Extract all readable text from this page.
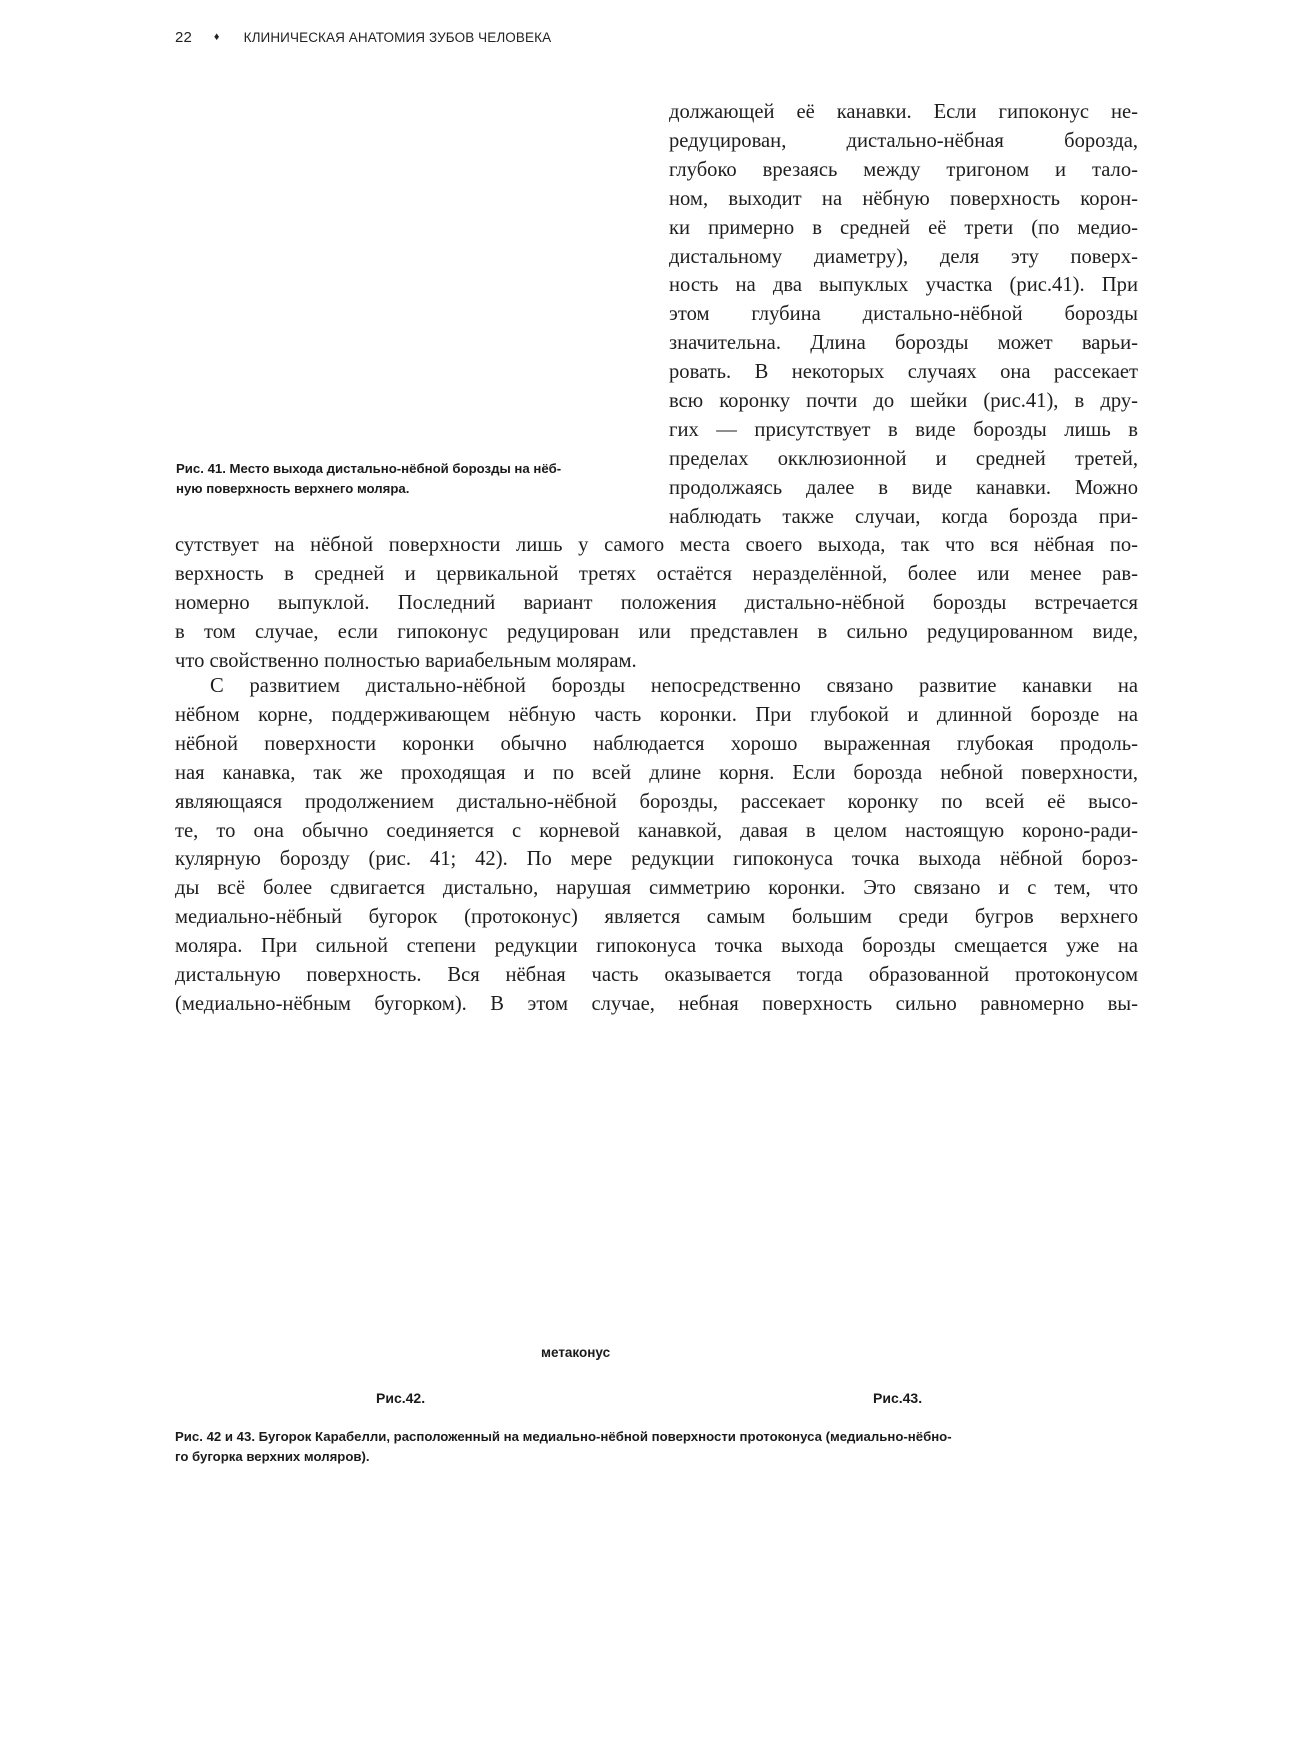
22 ♦ КЛИНИЧЕСКАЯ АНАТОМИЯ ЗУБОВ ЧЕЛОВЕКА
должающей её канавки. Если гипоконус не-
редуцирован, дистально-нёбная борозда,
глубоко врезаясь между тригоном и тало-
ном, выходит на нёбную поверхность корон-
ки примерно в средней её трети (по медио-
дистальному диаметру), деля эту поверх-
ность на два выпуклых участка (рис.41). При
этом глубина дистально-нёбной борозды
значительна. Длина борозды может варьи-
ровать. В некоторых случаях она рассекает
всю коронку почти до шейки (рис.41), в дру-
гих — присутствует в виде борозды лишь в
пределах окклюзионной и средней третей,
продолжаясь далее в виде канавки. Можно
наблюдать также случаи, когда борозда при-
Рис. 41. Место выхода дистально-нёбной борозды на нёб-
ную поверхность верхнего моляра.
сутствует на нёбной поверхности лишь у самого места своего выхода, так что вся нёбная по-
верхность в средней и цервикальной третях остаётся неразделённой, более или менее рав-
номерно выпуклой. Последний вариант положения дистально-нёбной борозды встречается
в том случае, если гипоконус редуцирован или представлен в сильно редуцированном виде,
что свойственно полностью вариабельным молярам.
С развитием дистально-нёбной борозды непосредственно связано развитие канавки на
нёбном корне, поддерживающем нёбную часть коронки. При глубокой и длинной борозде на
нёбной поверхности коронки обычно наблюдается хорошо выраженная глубокая продоль-
ная канавка, так же проходящая и по всей длине корня. Если борозда небной поверхности,
являющаяся продолжением дистально-нёбной борозды, рассекает коронку по всей её высо-
те, то она обычно соединяется с корневой канавкой, давая в целом настоящую короно-ради-
кулярную борозду (рис. 41; 42). По мере редукции гипоконуса точка выхода нёбной бороз-
ды всё более сдвигается дистально, нарушая симметрию коронки. Это связано и с тем, что
медиально-нёбный бугорок (протоконус) является самым большим среди бугров верхнего
моляра. При сильной степени редукции гипоконуса точка выхода борозды смещается уже на
дистальную поверхность. Вся нёбная часть оказывается тогда образованной протоконусом
(медиально-нёбным бугорком). В этом случае, небная поверхность сильно равномерно вы-
метаконус
Рис.42.	Рис.43.
Рис. 42 и 43. Бугорок Карабелли, расположенный на медиально-нёбной поверхности протоконуса (медиально-нёбно-
го бугорка верхних моляров).
